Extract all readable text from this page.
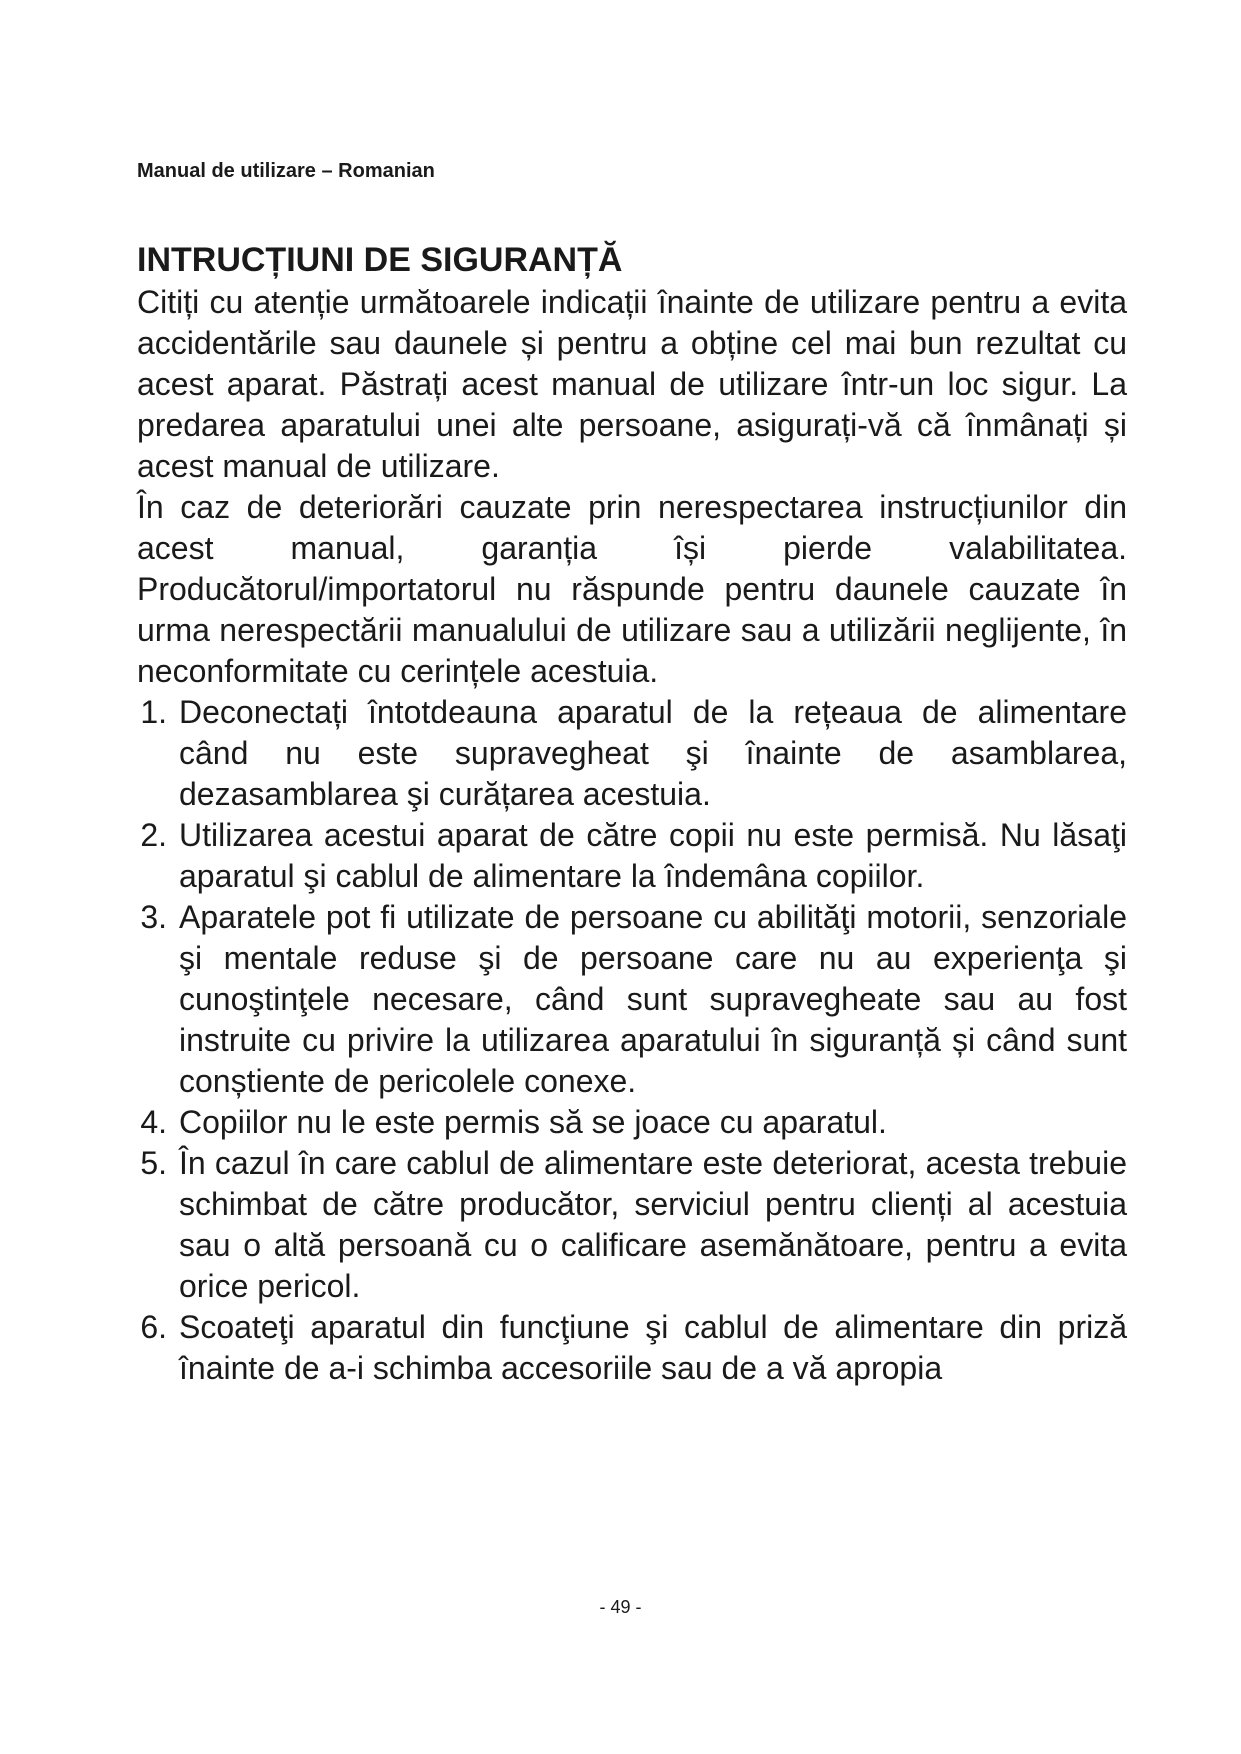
Manual de utilizare – Romanian
INTRUCȚIUNI DE SIGURANȚĂ

Citiți cu atenție următoarele indicații înainte de utilizare pentru a evita accidentările sau daunele și pentru a obține cel mai bun rezultat cu acest aparat. Păstrați acest manual de utilizare într-un loc sigur. La predarea aparatului unei alte persoane, asigurați-vă că înmânați și acest manual de utilizare.

În caz de deteriorări cauzate prin nerespectarea instrucțiunilor din acest manual, garanția își pierde valabilitatea. Producătorul/importatorul nu răspunde pentru daunele cauzate în urma nerespectării manualului de utilizare sau a utilizării neglijente, în neconformitate cu cerințele acestuia.

1. Deconectați întotdeauna aparatul de la rețeaua de alimentare când nu este supravegheat şi înainte de asamblarea, dezasamblarea şi curățarea acestuia.
2. Utilizarea acestui aparat de către copii nu este permisă. Nu lăsaţi aparatul şi cablul de alimentare la îndemâna copiilor.
3. Aparatele pot fi utilizate de persoane cu abilităţi motorii, senzoriale şi mentale reduse şi de persoane care nu au experienţa şi cunoştinţele necesare, când sunt supravegheate sau au fost instruite cu privire la utilizarea aparatului în siguranță și când sunt conștiente de pericolele conexe.
4. Copiilor nu le este permis să se joace cu aparatul.
5. În cazul în care cablul de alimentare este deteriorat, acesta trebuie schimbat de către producător, serviciul pentru clienți al acestuia sau o altă persoană cu o calificare asemănătoare, pentru a evita orice pericol.
6. Scoateţi aparatul din funcţiune şi cablul de alimentare din priză înainte de a-i schimba accesoriile sau de a vă apropia
- 49 -
